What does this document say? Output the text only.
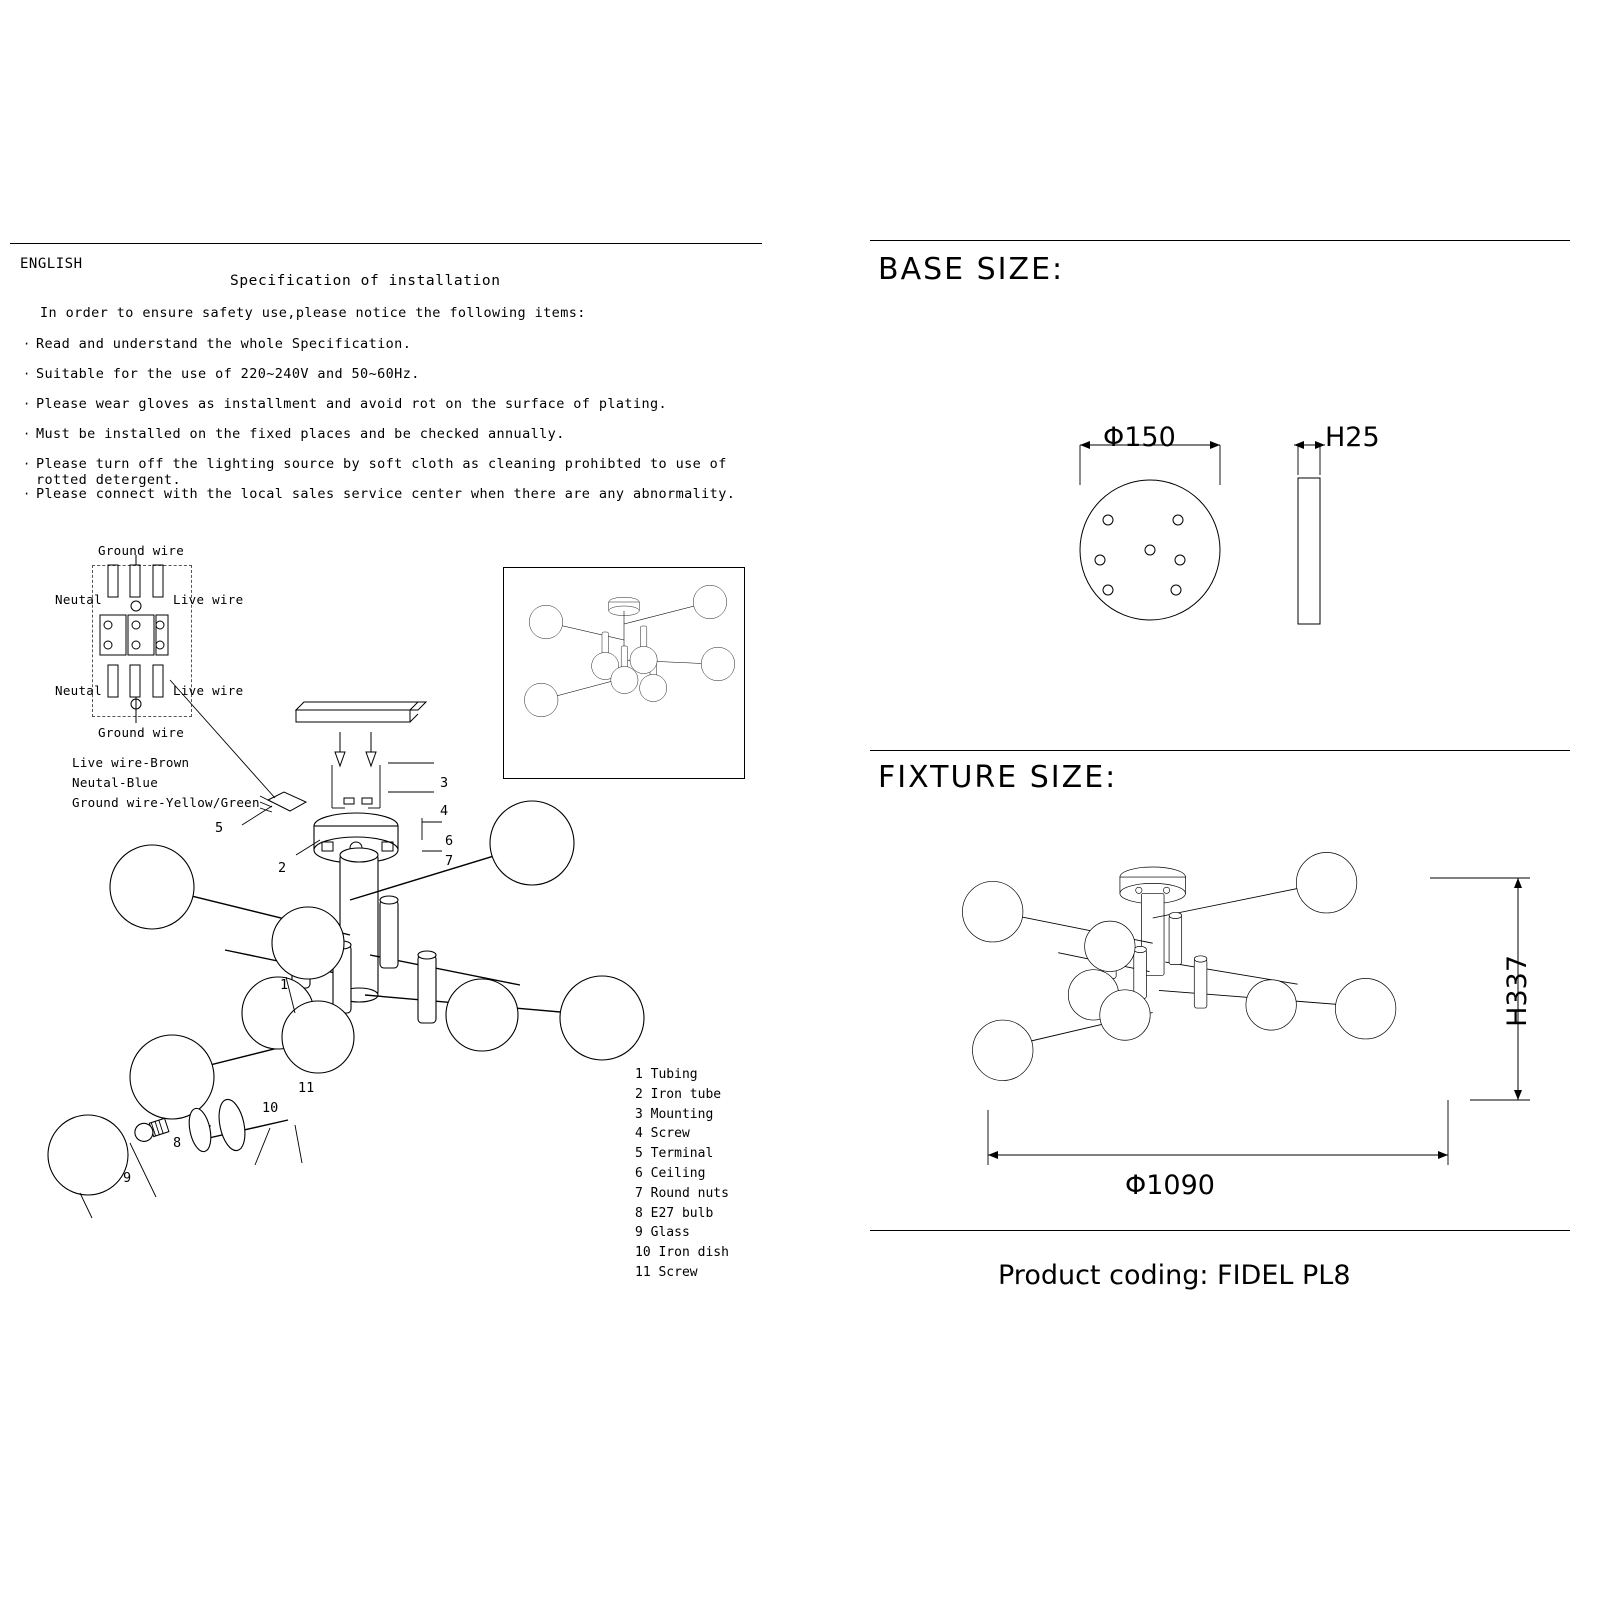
ENGLISH
Specification of installation
In order to ensure safety use,please notice the following items:
· Read and understand the whole Specification.
· Suitable for the use of 220~240V and 50~60Hz.
· Please wear gloves as installment and avoid rot on the surface of plating.
· Must be installed on the fixed places and be checked annually.
· Please turn off the lighting source by soft cloth as cleaning prohibted to use of rotted detergent.
· Please connect with the local sales service center when there are any abnormality.
Ground wire
Neutal	Live wire
Neutal	Live wire
Ground wire
Live wire-Brown
Neutal-Blue
Ground wire-Yellow/Green
5
2
3
4
6
7
1
8
9
10
11
1 Tubing
2 Iron tube
3 Mounting
4 Screw
5 Terminal
6 Ceiling
7 Round nuts
8 E27 bulb
9 Glass
10 Iron dish
11 Screw
BASE SIZE:
FIXTURE SIZE:
Φ150	H25
H337
Φ1090
Product coding: FIDEL PL8
